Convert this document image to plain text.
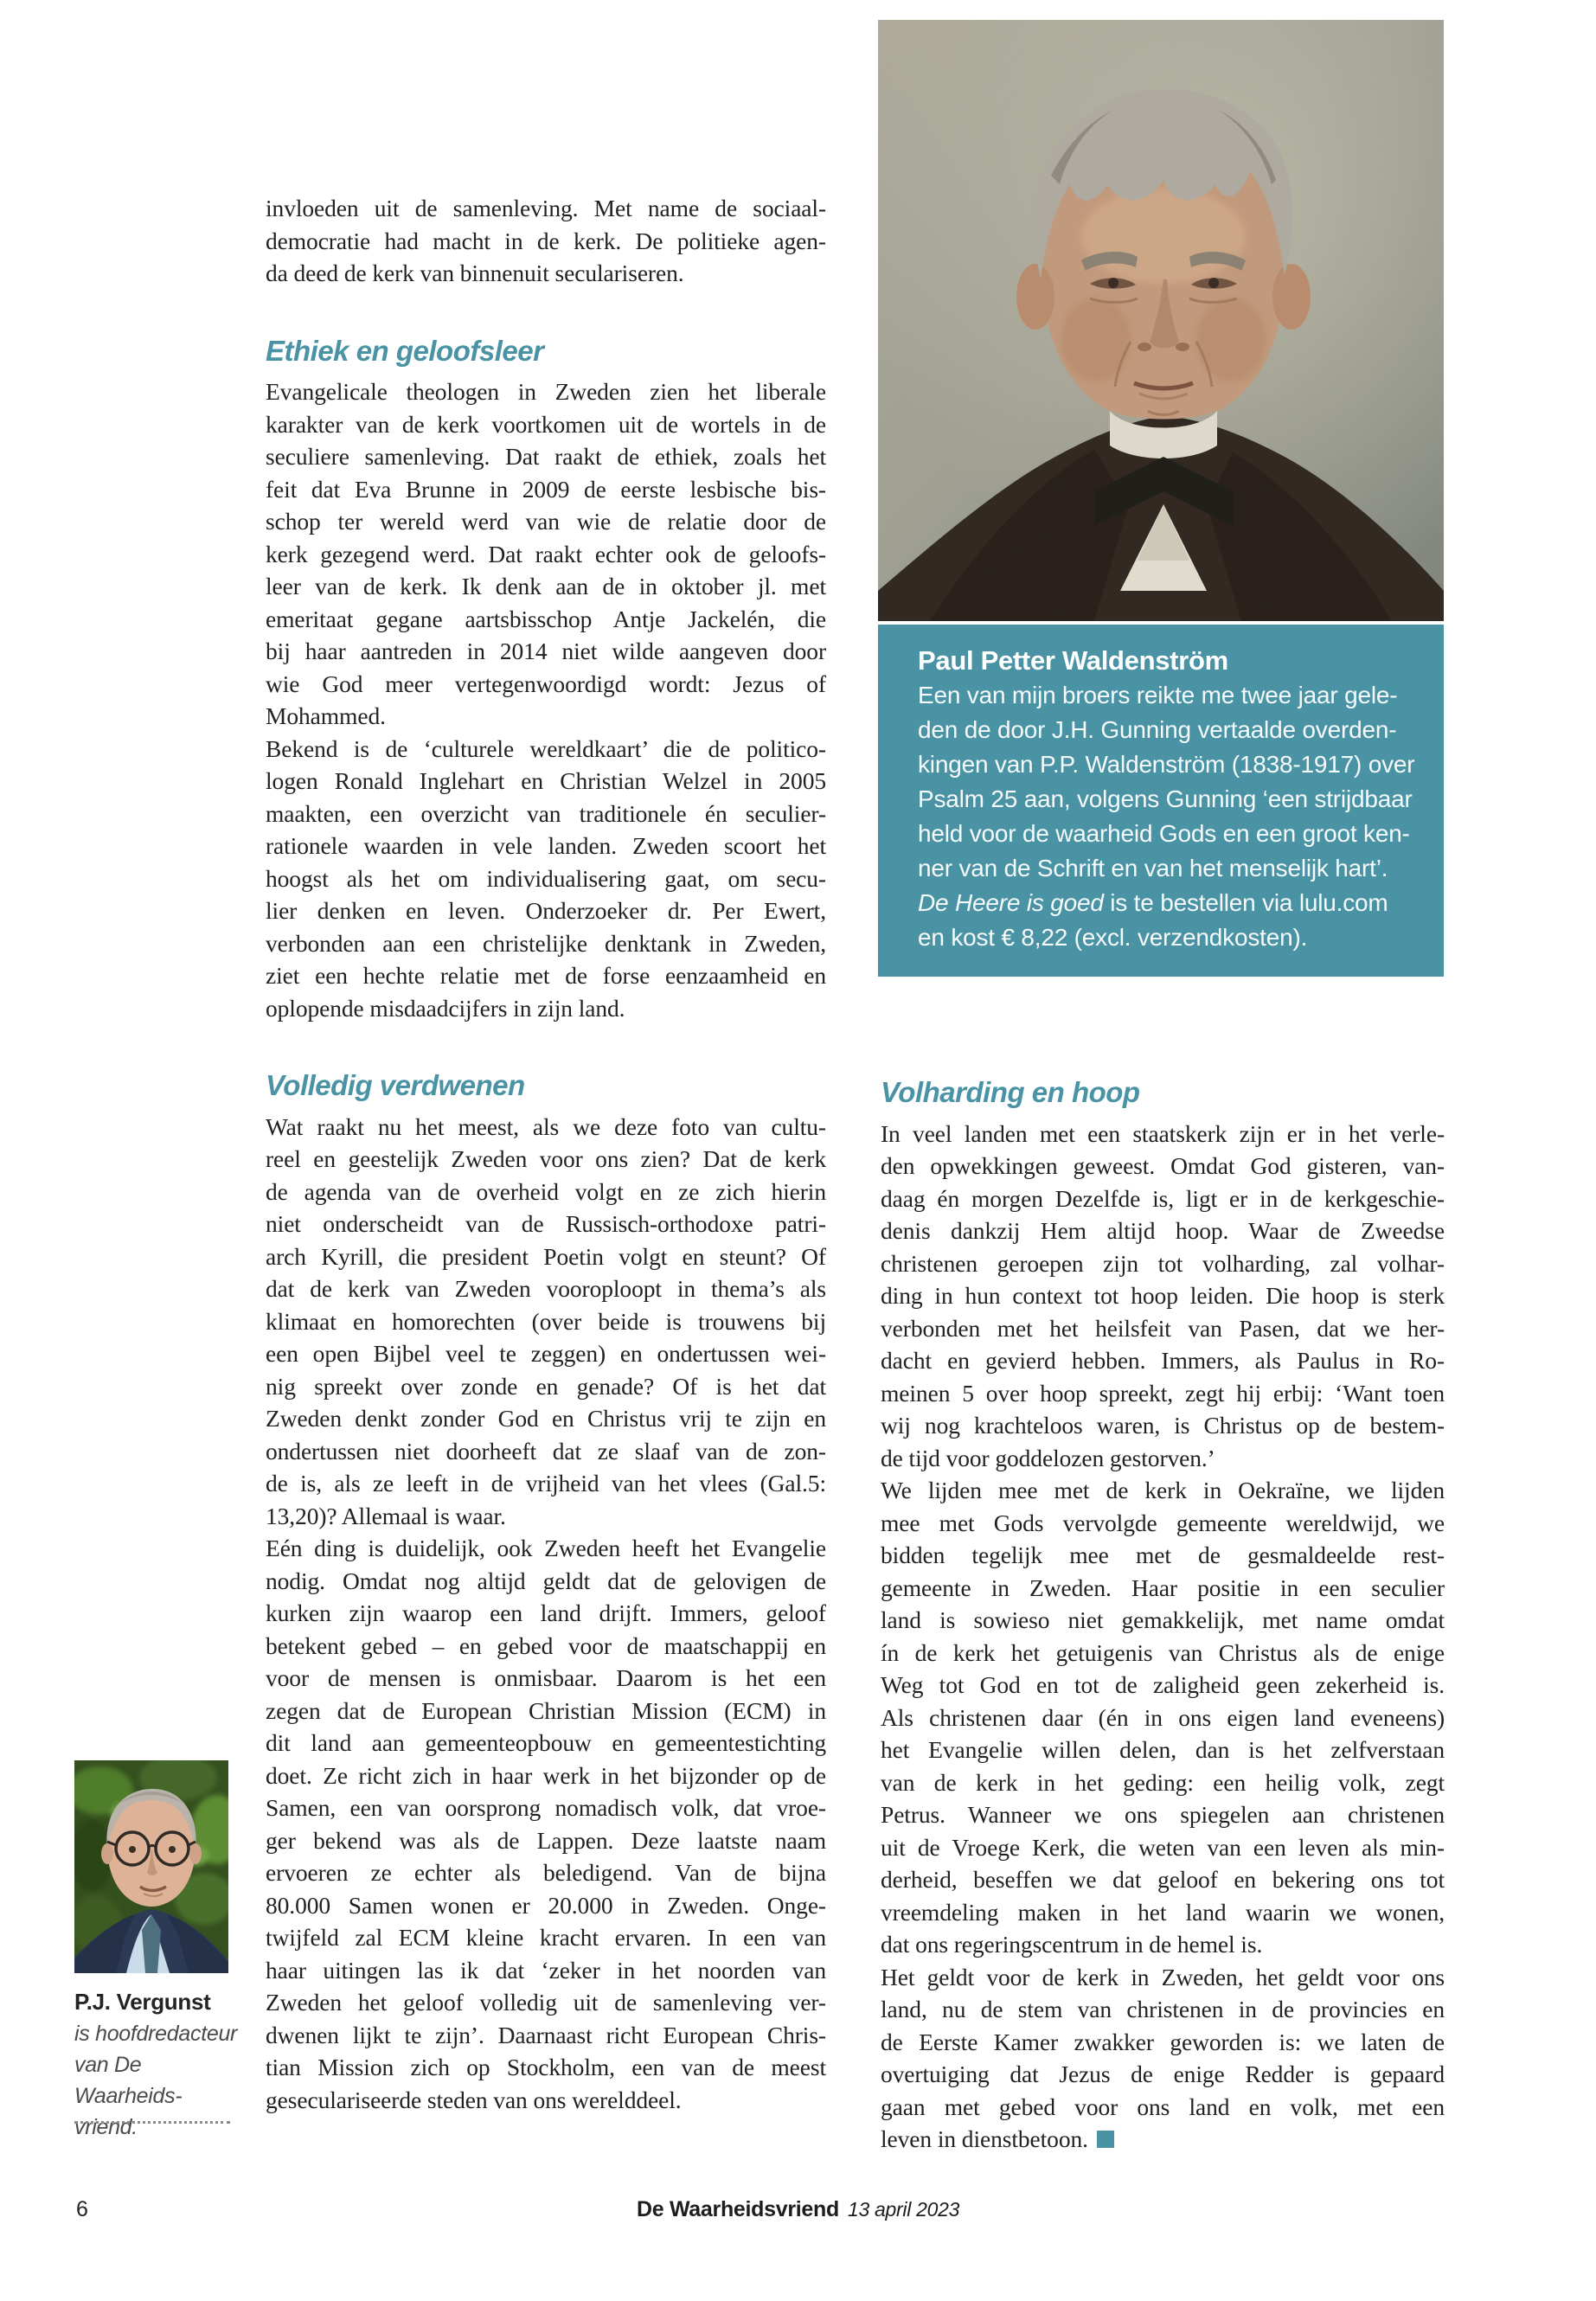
Paul Petter Waldenström
Een van mijn broers reikte me twee jaar gele-
den de door J.H. Gunning vertaalde overden-
kingen van P.P. Waldenström (1838-1917) over
Psalm 25 aan, volgens Gunning ‘een strijdbaar
held voor de waarheid Gods en een groot ken-
ner van de Schrift en van het menselijk hart’.
De Heere is goed is te bestellen via lulu.com
en kost € 8,22 (excl. verzendkosten).
invloeden uit de samenleving. Met name de sociaal-
democratie had macht in de kerk. De politieke agen-
da deed de kerk van binnenuit seculariseren.
Ethiek en geloofsleer
Evangelicale theologen in Zweden zien het liberale
karakter van de kerk voortkomen uit de wortels in de
seculiere samenleving. Dat raakt de ethiek, zoals het
feit dat Eva Brunne in 2009 de eerste lesbische bis-
schop ter wereld werd van wie de relatie door de
kerk gezegend werd. Dat raakt echter ook de geloofs-
leer van de kerk. Ik denk aan de in oktober jl. met
emeritaat gegane aartsbisschop Antje Jackelén, die
bij haar aantreden in 2014 niet wilde aangeven door
wie God meer vertegenwoordigd wordt: Jezus of
Mohammed.
Bekend is de ‘culturele wereldkaart’ die de politico-
logen Ronald Inglehart en Christian Welzel in 2005
maakten, een overzicht van traditionele én seculier-
rationele waarden in vele landen. Zweden scoort het
hoogst als het om individualisering gaat, om secu-
lier denken en leven. Onderzoeker dr. Per Ewert,
verbonden aan een christelijke denktank in Zweden,
ziet een hechte relatie met de forse eenzaamheid en
oplopende misdaadcijfers in zijn land.
Volledig verdwenen
Wat raakt nu het meest, als we deze foto van cultu-
reel en geestelijk Zweden voor ons zien? Dat de kerk
de agenda van de overheid volgt en ze zich hierin
niet onderscheidt van de Russisch-orthodoxe patri-
arch Kyrill, die president Poetin volgt en steunt? Of
dat de kerk van Zweden vooroploopt in thema’s als
klimaat en homorechten (over beide is trouwens bij
een open Bijbel veel te zeggen) en ondertussen wei-
nig spreekt over zonde en genade? Of is het dat
Zweden denkt zonder God en Christus vrij te zijn en
ondertussen niet doorheeft dat ze slaaf van de zon-
de is, als ze leeft in de vrijheid van het vlees (Gal.5:
13,20)? Allemaal is waar.
Eén ding is duidelijk, ook Zweden heeft het Evangelie
nodig. Omdat nog altijd geldt dat de gelovigen de
kurken zijn waarop een land drijft. Immers, geloof
betekent gebed – en gebed voor de maatschappij en
voor de mensen is onmisbaar. Daarom is het een
zegen dat de European Christian Mission (ECM) in
dit land aan gemeenteopbouw en gemeentestichting
doet. Ze richt zich in haar werk in het bijzonder op de
Samen, een van oorsprong nomadisch volk, dat vroe-
ger bekend was als de Lappen. Deze laatste naam
ervoeren ze echter als beledigend. Van de bijna
80.000 Samen wonen er 20.000 in Zweden. Onge-
twijfeld zal ECM kleine kracht ervaren. In een van
haar uitingen las ik dat ‘zeker in het noorden van
Zweden het geloof volledig uit de samenleving ver-
dwenen lijkt te zijn’. Daarnaast richt European Chris-
tian Mission zich op Stockholm, een van de meest
geseculariseerde steden van ons werelddeel.
Volharding en hoop
In veel landen met een staatskerk zijn er in het verle-
den opwekkingen geweest. Omdat God gisteren, van-
daag én morgen Dezelfde is, ligt er in de kerkgeschie-
denis dankzij Hem altijd hoop. Waar de Zweedse
christenen geroepen zijn tot volharding, zal volhar-
ding in hun context tot hoop leiden. Die hoop is sterk
verbonden met het heilsfeit van Pasen, dat we her-
dacht en gevierd hebben. Immers, als Paulus in Ro-
meinen 5 over hoop spreekt, zegt hij erbij: ‘Want toen
wij nog krachteloos waren, is Christus op de bestem-
de tijd voor goddelozen gestorven.’
We lijden mee met de kerk in Oekraïne, we lijden
mee met Gods vervolgde gemeente wereldwijd, we
bidden tegelijk mee met de gesmaldeelde rest-
gemeente in Zweden. Haar positie in een seculier
land is sowieso niet gemakkelijk, met name omdat
ín de kerk het getuigenis van Christus als de enige
Weg tot God en tot de zaligheid geen zekerheid is.
Als christenen daar (én in ons eigen land eveneens)
het Evangelie willen delen, dan is het zelfverstaan
van de kerk in het geding: een heilig volk, zegt
Petrus. Wanneer we ons spiegelen aan christenen
uit de Vroege Kerk, die weten van een leven als min-
derheid, beseffen we dat geloof en bekering ons tot
vreemdeling maken in het land waarin we wonen,
dat ons regeringscentrum in de hemel is.
Het geldt voor de kerk in Zweden, het geldt voor ons
land, nu de stem van christenen in de provincies en
de Eerste Kamer zwakker geworden is: we laten de
overtuiging dat Jezus de enige Redder is gepaard
gaan met gebed voor ons land en volk, met een
leven in dienstbetoon.
P.J. Vergunst
is hoofdredacteur
van De Waarheids-
vriend.
6	De Waarheidsvriend 13 april 2023
